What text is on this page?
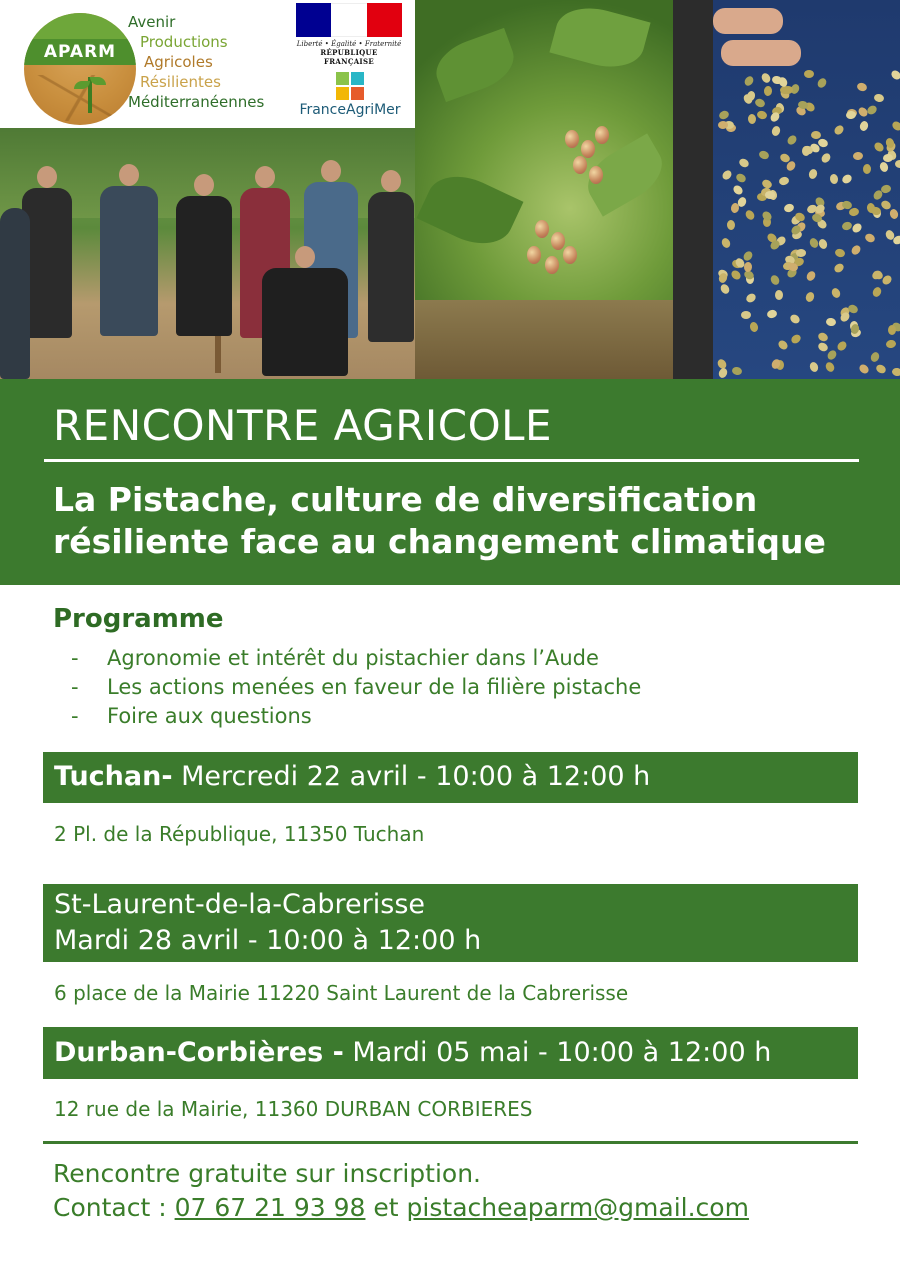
APARM
Avenir
Productions
Agricoles
Résilientes
Méditerranéennes
Liberté • Égalité • Fraternité
RÉPUBLIQUE FRANÇAISE
FranceAgriMer
RENCONTRE AGRICOLE
La Pistache, culture de diversification
résiliente face au changement climatique
Programme
- Agronomie et intérêt du pistachier dans l’Aude
- Les actions menées en faveur de la filière pistache
- Foire aux questions
Tuchan- Mercredi 22 avril - 10:00 à 12:00 h
2 Pl. de la République, 11350 Tuchan
St-Laurent-de-la-Cabrerisse
Mardi 28 avril - 10:00 à 12:00 h
6 place de la Mairie 11220 Saint Laurent de la Cabrerisse
Durban-Corbières - Mardi 05 mai - 10:00 à 12:00 h
12 rue de la Mairie, 11360 DURBAN CORBIERES
Rencontre gratuite sur inscription.
Contact : 07 67 21 93 98 et pistacheaparm@gmail.com
